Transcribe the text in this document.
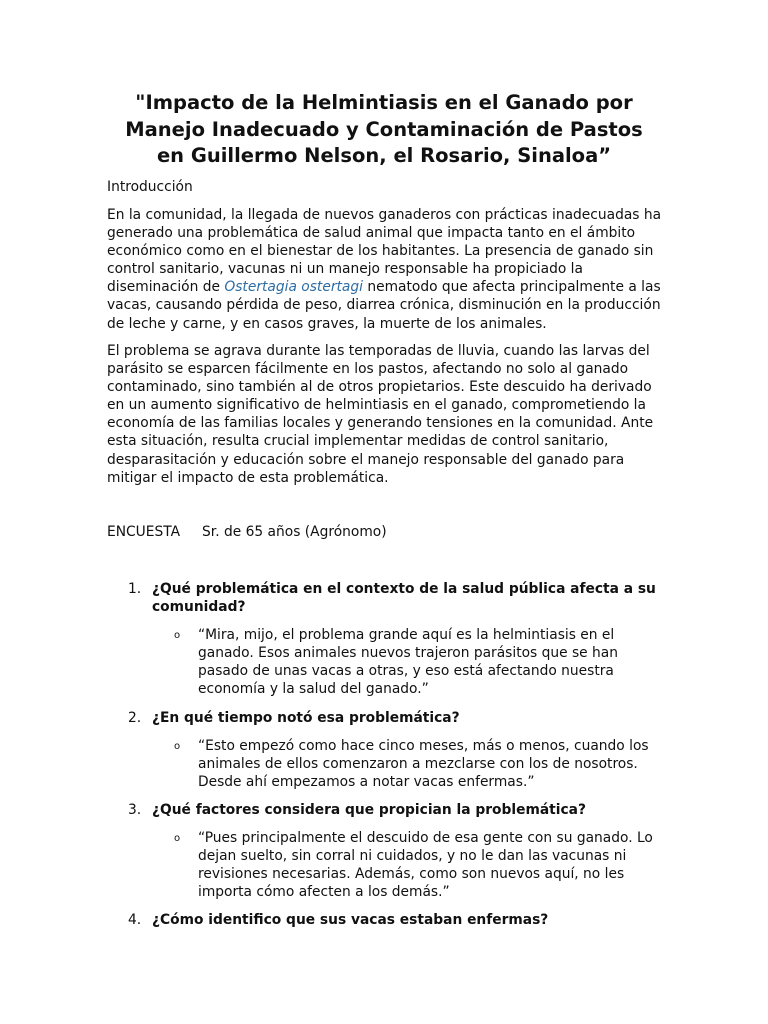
"Impacto de la Helmintiasis en el Ganado por
Manejo Inadecuado y Contaminación de Pastos
en Guillermo Nelson, el Rosario, Sinaloa”
Introducción
En la comunidad, la llegada de nuevos ganaderos con prácticas inadecuadas ha
generado una problemática de salud animal que impacta tanto en el ámbito
económico como en el bienestar de los habitantes. La presencia de ganado sin
control sanitario, vacunas ni un manejo responsable ha propiciado la
diseminación de Ostertagia ostertagi nematodo que afecta principalmente a las
vacas, causando pérdida de peso, diarrea crónica, disminución en la producción
de leche y carne, y en casos graves, la muerte de los animales.
El problema se agrava durante las temporadas de lluvia, cuando las larvas del
parásito se esparcen fácilmente en los pastos, afectando no solo al ganado
contaminado, sino también al de otros propietarios. Este descuido ha derivado
en un aumento significativo de helmintiasis en el ganado, comprometiendo la
economía de las familias locales y generando tensiones en la comunidad. Ante
esta situación, resulta crucial implementar medidas de control sanitario,
desparasitación y educación sobre el manejo responsable del ganado para
mitigar el impacto de esta problemática.
ENCUESTA Sr. de 65 años (Agrónomo)
1. ¿Qué problemática en el contexto de la salud pública afecta a su
comunidad?
o “Mira, mijo, el problema grande aquí es la helmintiasis en el
ganado. Esos animales nuevos trajeron parásitos que se han
pasado de unas vacas a otras, y eso está afectando nuestra
economía y la salud del ganado.”
2. ¿En qué tiempo notó esa problemática?
o “Esto empezó como hace cinco meses, más o menos, cuando los
animales de ellos comenzaron a mezclarse con los de nosotros.
Desde ahí empezamos a notar vacas enfermas.”
3. ¿Qué factores considera que propician la problemática?
o “Pues principalmente el descuido de esa gente con su ganado. Lo
dejan suelto, sin corral ni cuidados, y no le dan las vacunas ni
revisiones necesarias. Además, como son nuevos aquí, no les
importa cómo afecten a los demás.”
4. ¿Cómo identifico que sus vacas estaban enfermas?
